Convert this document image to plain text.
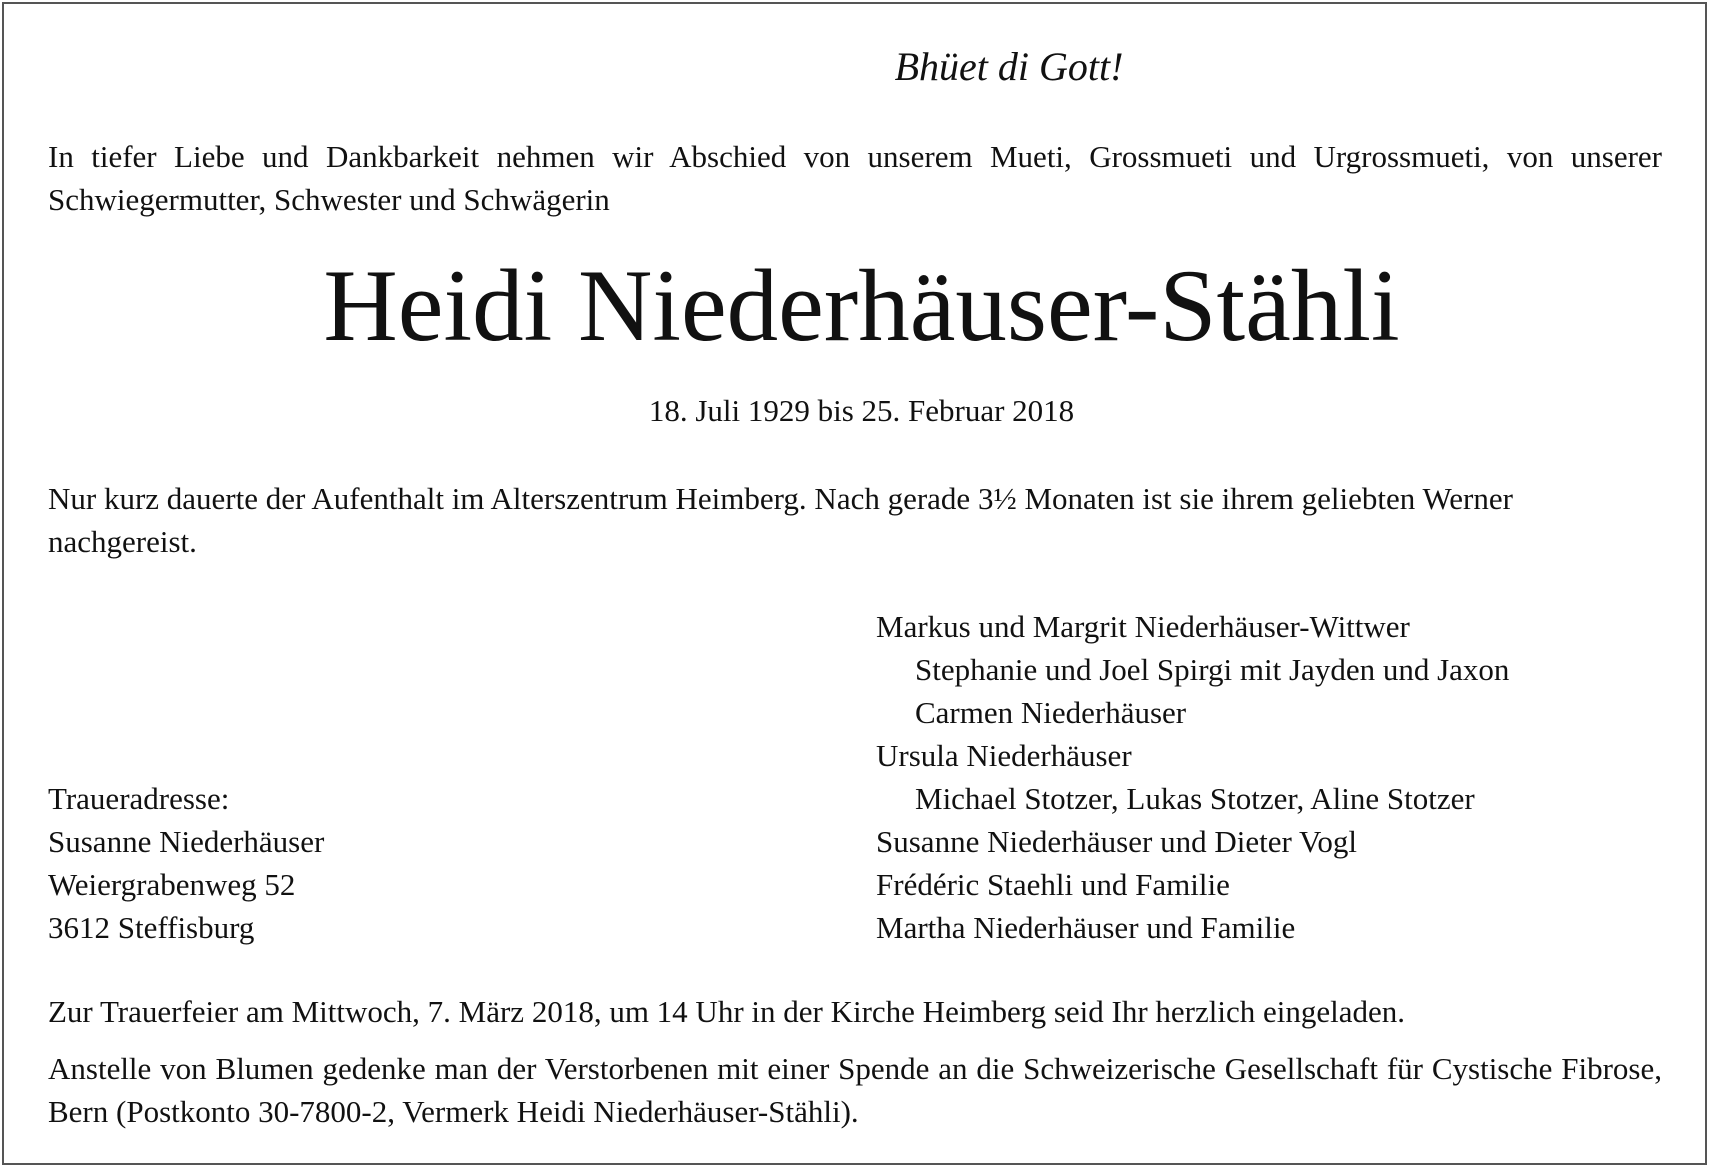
Bhüet di Gott!
In tiefer Liebe und Dankbarkeit nehmen wir Abschied von unserem Mueti, Grossmueti und Urgrossmueti, von unserer Schwiegermutter, Schwester und Schwägerin
Heidi Niederhäuser-Stähli
18. Juli 1929 bis 25. Februar 2018
Nur kurz dauerte der Aufenthalt im Alterszentrum Heimberg. Nach gerade 3½ Monaten ist sie ihrem geliebten Werner nachgereist.
Traueradresse:
Susanne Niederhäuser
Weiergrabenweg 52
3612 Steffisburg
Markus und Margrit Niederhäuser-Wittwer
Stephanie und Joel Spirgi mit Jayden und Jaxon
Carmen Niederhäuser
Ursula Niederhäuser
Michael Stotzer, Lukas Stotzer, Aline Stotzer
Susanne Niederhäuser und Dieter Vogl
Frédéric Staehli und Familie
Martha Niederhäuser und Familie
Zur Trauerfeier am Mittwoch, 7. März 2018, um 14 Uhr in der Kirche Heimberg seid Ihr herzlich eingeladen.
Anstelle von Blumen gedenke man der Verstorbenen mit einer Spende an die Schweizerische Gesellschaft für Cystische Fibrose, Bern (Postkonto 30-7800-2, Vermerk Heidi Niederhäuser-Stähli).
